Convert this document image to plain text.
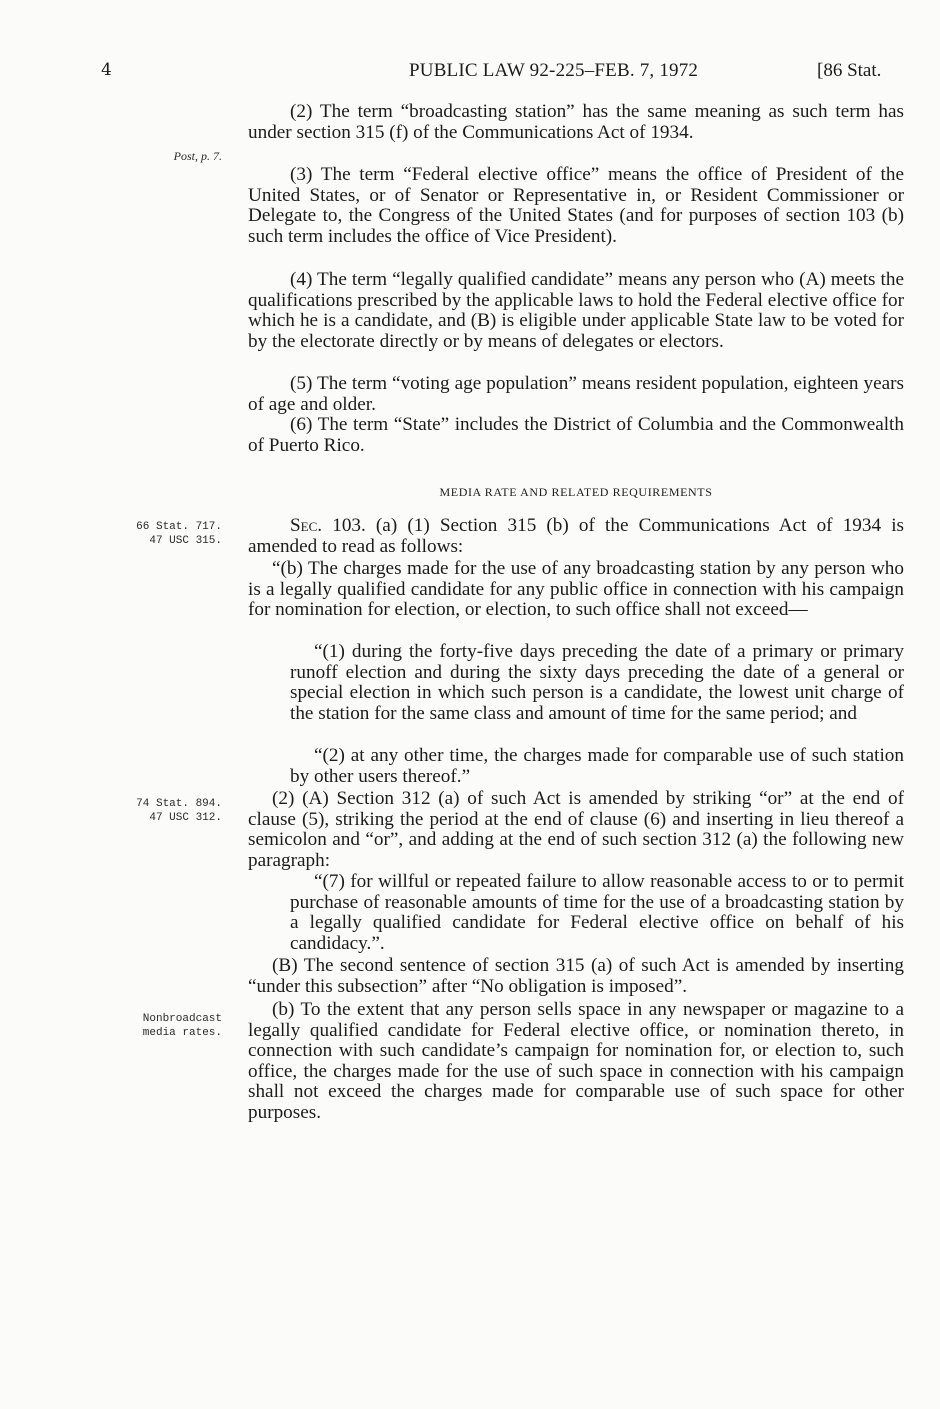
4	PUBLIC LAW 92-225–FEB. 7, 1972	[86 Stat.
Post, p. 7.
66 Stat. 717.
47 USC 315.
74 Stat. 894.
47 USC 312.
Nonbroadcast
media rates.

(2) The term “broadcasting station” has the same meaning as such term has under section 315 (f) of the Communications Act of 1934.

(3) The term “Federal elective office” means the office of President of the United States, or of Senator or Representative in, or Resident Commissioner or Delegate to, the Congress of the United States (and for purposes of section 103 (b) such term includes the office of Vice President).

(4) The term “legally qualified candidate” means any person who (A) meets the qualifications prescribed by the applicable laws to hold the Federal elective office for which he is a candidate, and (B) is eligible under applicable State law to be voted for by the electorate directly or by means of delegates or electors.

(5) The term “voting age population” means resident population, eighteen years of age and older.

(6) The term “State” includes the District of Columbia and the Commonwealth of Puerto Rico.

MEDIA RATE AND RELATED REQUIREMENTS

Sec. 103. (a) (1) Section 315 (b) of the Communications Act of 1934 is amended to read as follows:

“(b) The charges made for the use of any broadcasting station by any person who is a legally qualified candidate for any public office in connection with his campaign for nomination for election, or election, to such office shall not exceed—

“(1) during the forty-five days preceding the date of a primary or primary runoff election and during the sixty days preceding the date of a general or special election in which such person is a candidate, the lowest unit charge of the station for the same class and amount of time for the same period; and

“(2) at any other time, the charges made for comparable use of such station by other users thereof.”

(2) (A) Section 312 (a) of such Act is amended by striking “or” at the end of clause (5), striking the period at the end of clause (6) and inserting in lieu thereof a semicolon and “or”, and adding at the end of such section 312 (a) the following new paragraph:

“(7) for willful or repeated failure to allow reasonable access to or to permit purchase of reasonable amounts of time for the use of a broadcasting station by a legally qualified candidate for Federal elective office on behalf of his candidacy.”.

(B) The second sentence of section 315 (a) of such Act is amended by inserting “under this subsection” after “No obligation is imposed”.

(b) To the extent that any person sells space in any newspaper or magazine to a legally qualified candidate for Federal elective office, or nomination thereto, in connection with such candidate’s campaign for nomination for, or election to, such office, the charges made for the use of such space in connection with his campaign shall not exceed the charges made for comparable use of such space for other purposes.
